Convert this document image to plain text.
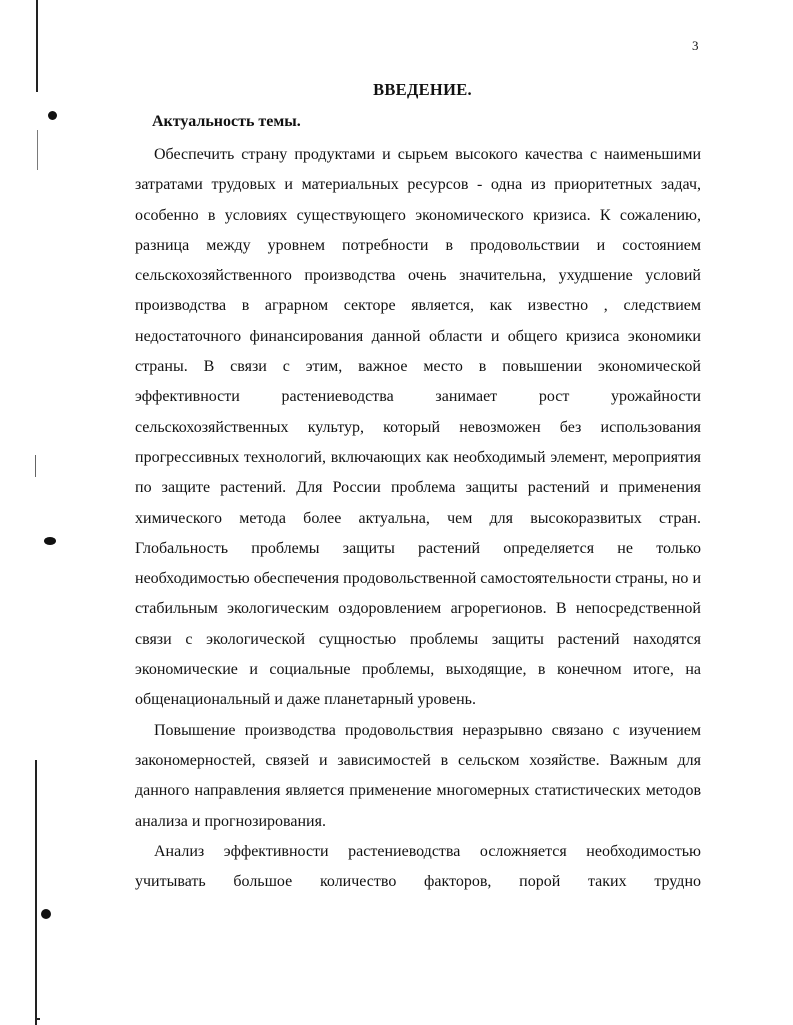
3
ВВЕДЕНИЕ.
Актуальность темы.

Обеспечить страну продуктами и сырьем высокого качества с наименьшими затратами трудовых и материальных ресурсов - одна из приоритетных задач, особенно в условиях существующего экономического кризиса. К сожалению, разница между уровнем потребности в продовольствии и состоянием сельскохозяйственного производства очень значительна, ухудшение условий производства в аграрном секторе является, как известно , следствием недостаточного финансирования данной области и общего кризиса экономики страны. В связи с этим, важное место в повышении экономической эффективности растениеводства занимает рост урожайности сельскохозяйственных культур, который невозможен без использования прогрессивных технологий, включающих как необходимый элемент, мероприятия по защите растений. Для России проблема защиты растений и применения химического метода более актуальна, чем для высокоразвитых стран. Глобальность проблемы защиты растений определяется не только необходимостью обеспечения продовольственной самостоятельности страны, но и стабильным экологическим оздоровлением агрорегионов. В непосредственной связи с экологической сущностью проблемы защиты растений находятся экономические и социальные проблемы, выходящие, в конечном итоге, на общенациональный и даже планетарный уровень.

Повышение производства продовольствия неразрывно связано с изучением закономерностей, связей и зависимостей в сельском хозяйстве. Важным для данного направления является применение многомерных статистических методов анализа и прогнозирования.

Анализ эффективности растениеводства осложняется необходимостью учитывать большое количество факторов, порой таких трудно
